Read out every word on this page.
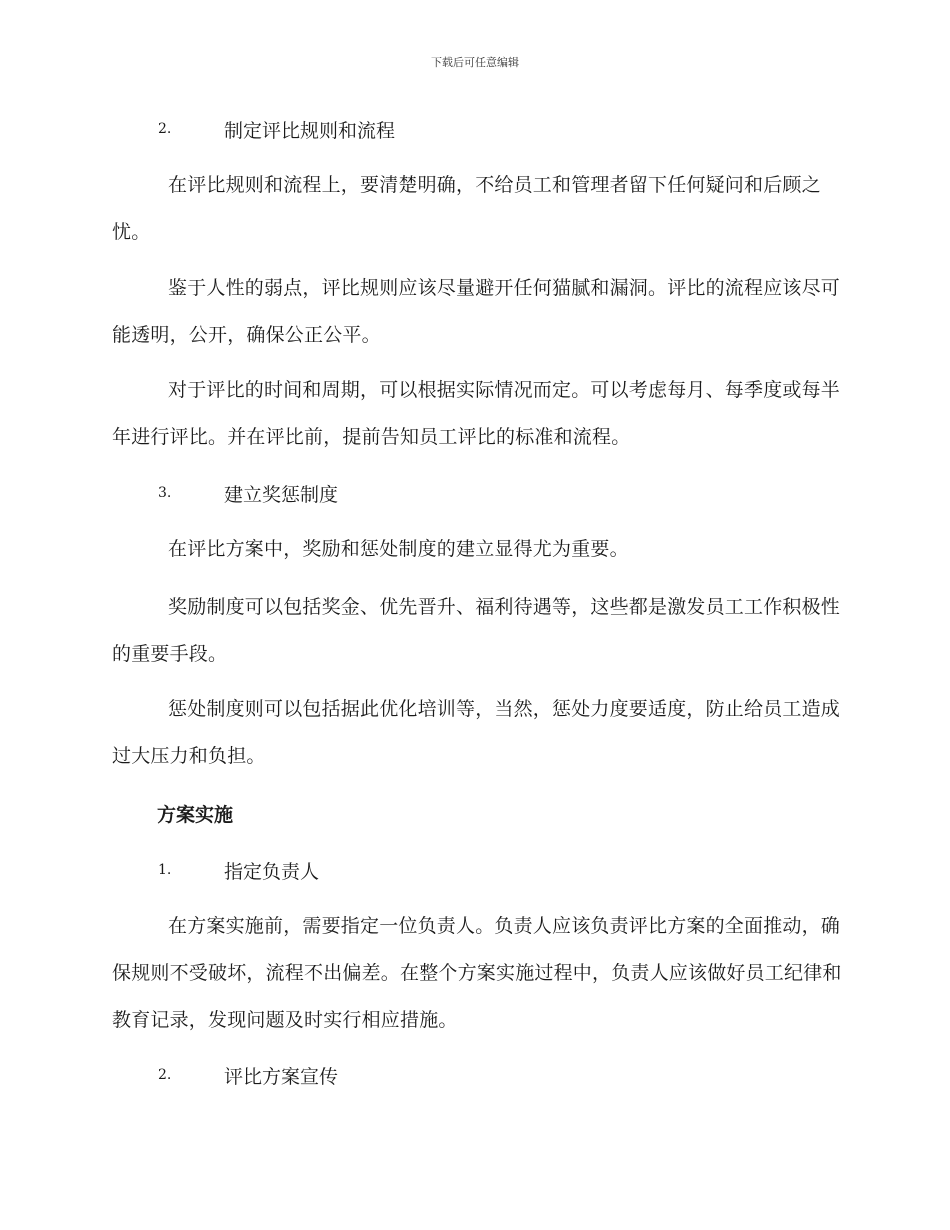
下载后可任意编辑
2.	制定评比规则和流程
在评比规则和流程上，要清楚明确，不给员工和管理者留下任何疑问和后顾之忧。
鉴于人性的弱点，评比规则应该尽量避开任何猫腻和漏洞。评比的流程应该尽可能透明，公开，确保公正公平。
对于评比的时间和周期，可以根据实际情况而定。可以考虑每月、每季度或每半年进行评比。并在评比前，提前告知员工评比的标准和流程。
3.	建立奖惩制度
在评比方案中，奖励和惩处制度的建立显得尤为重要。
奖励制度可以包括奖金、优先晋升、福利待遇等，这些都是激发员工工作积极性的重要手段。
惩处制度则可以包括据此优化培训等，当然，惩处力度要适度，防止给员工造成过大压力和负担。
方案实施
1.	指定负责人
在方案实施前，需要指定一位负责人。负责人应该负责评比方案的全面推动，确保规则不受破坏，流程不出偏差。在整个方案实施过程中，负责人应该做好员工纪律和教育记录，发现问题及时实行相应措施。
2.	评比方案宣传
